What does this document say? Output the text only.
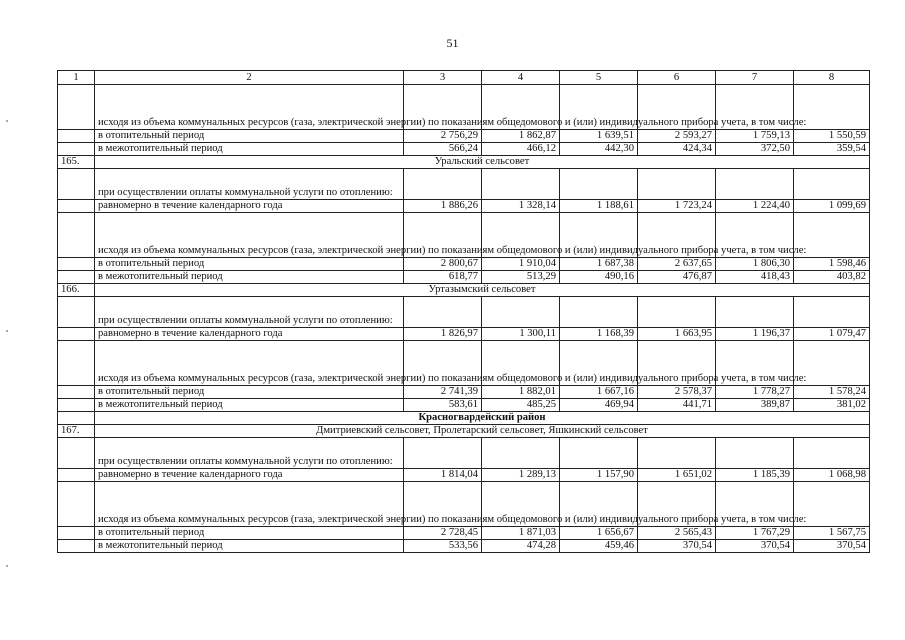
51
1	2	3	4	5	6	7	8
	исходя из объема коммунальных ресурсов (газа, электрической энергии) по показаниям общедомового и (или) индивидуального прибора учета, в том числе:						
	в отопительный период	2 756,29	1 862,87	1 639,51	2 593,27	1 759,13	1 550,59
	в межотопительный период	566,24	466,12	442,30	424,34	372,50	359,54
165.	Уральский сельсовет						
	при осуществлении оплаты коммунальной услуги по отоплению:						
	равномерно в течение календарного года	1 886,26	1 328,14	1 188,61	1 723,24	1 224,40	1 099,69
	исходя из объема коммунальных ресурсов (газа, электрической энергии) по показаниям общедомового и (или) индивидуального прибора учета, в том числе:						
	в отопительный период	2 800,67	1 910,04	1 687,38	2 637,65	1 806,30	1 598,46
	в межотопительный период	618,77	513,29	490,16	476,87	418,43	403,82
166.	Уртазымский сельсовет						
	при осуществлении оплаты коммунальной услуги по отоплению:						
	равномерно в течение календарного года	1 826,97	1 300,11	1 168,39	1 663,95	1 196,37	1 079,47
	исходя из объема коммунальных ресурсов (газа, электрической энергии) по показаниям общедомового и (или) индивидуального прибора учета, в том числе:						
	в отопительный период	2 741,39	1 882,01	1 667,16	2 578,37	1 778,27	1 578,24
	в межотопительный период	583,61	485,25	469,94	441,71	389,87	381,02
	Красногвардейский район						
167.	Дмитриевский сельсовет, Пролетарский сельсовет, Яшкинский сельсовет						
	при осуществлении оплаты коммунальной услуги по отоплению:						
	равномерно в течение календарного года	1 814,04	1 289,13	1 157,90	1 651,02	1 185,39	1 068,98
	исходя из объема коммунальных ресурсов (газа, электрической энергии) по показаниям общедомового и (или) индивидуального прибора учета, в том числе:						
	в отопительный период	2 728,45	1 871,03	1 656,67	2 565,43	1 767,29	1 567,75
	в межотопительный период	533,56	474,28	459,46	370,54	370,54	370,54
